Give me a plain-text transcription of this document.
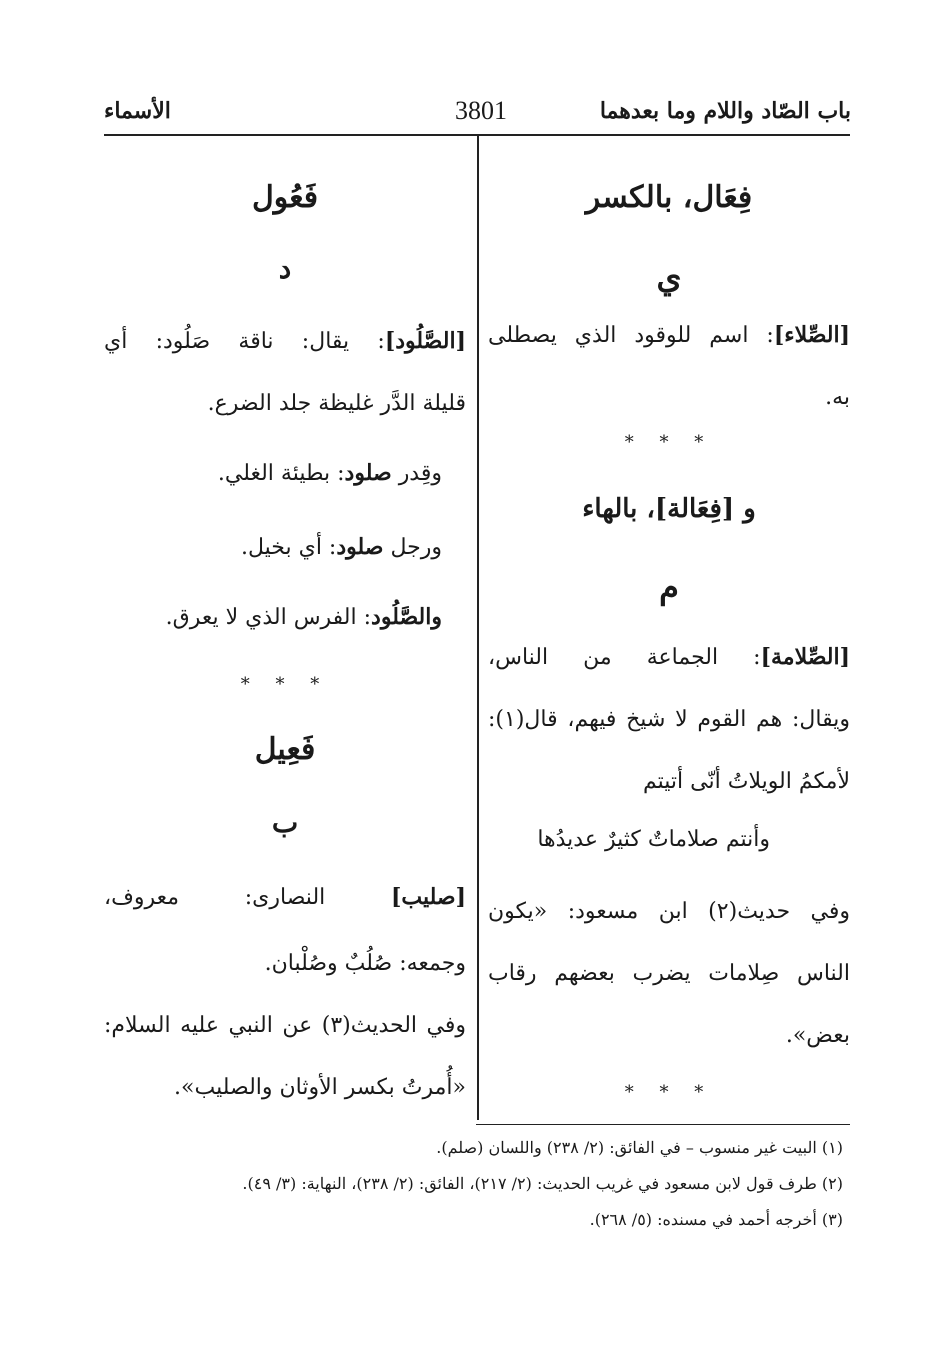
باب الصّاد واللام وما بعدهما
3801
الأسماء
فِعَال، بالكسر
ي
[الصِّلاء]: اسم للوقود الذي يصطلى
به.
* * *
و [فِعَالة]، بالهاء
م
[الصِّلامة]: الجماعة من الناس،
ويقال: هم القوم لا شيخ فيهم، قال(١):
لأمكمُ الويلاتُ أنّى أتيتم
وأنتم صلاماتٌ كثيرٌ عديدُها
وفي حديث(٢) ابن مسعود: «يكون
الناس صِلامات يضرب بعضهم رقاب
بعض».
* * *
فَعُول
د
[الصَّلُود]: يقال: ناقة صَلُود: أي
قليلة الدَّر غليظة جلد الضرع.
وقِدر صلود: بطيئة الغلي.
ورجل صلود: أي بخيل.
والصَّلُود: الفرس الذي لا يعرق.
* * *
فَعِيل
ب
[صليب] النصارى: معروف،
وجمعه: صُلُبٌ وصُلْبان.
وفي الحديث(٣) عن النبي عليه السلام:
«أُمرتُ بكسر الأوثان والصليب».
(١) البيت غير منسوب – في الفائق: (٢/ ٢٣٨) واللسان (صلم).
(٢) طرف قول لابن مسعود في غريب الحديث: (٢/ ٢١٧)، الفائق: (٢/ ٢٣٨)، النهاية: (٣/ ٤٩).
(٣) أخرجه أحمد في مسنده: (٥/ ٢٦٨).
